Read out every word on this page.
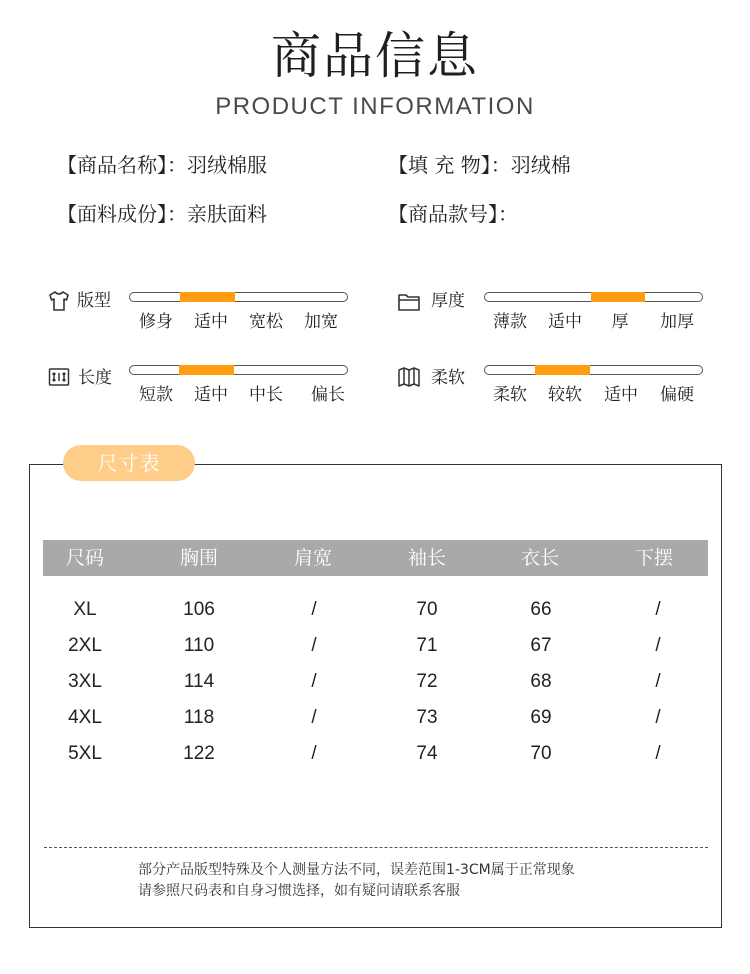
商品信息
PRODUCT INFORMATION
【商品名称】：羽绒棉服	【填 充 物】：羽绒棉
【面料成份】：亲肤面料	【商品款号】：
版型
修身 适中 宽松 加宽
厚度
薄款 适中 厚 加厚
长度
短款 适中 中长 偏长
柔软
柔软 较软 适中 偏硬
尺寸表
尺码	胸围	肩宽	袖长	衣长	下摆
XL	106	/	70	66	/
2XL	110	/	71	67	/
3XL	114	/	72	68	/
4XL	118	/	73	69	/
5XL	122	/	74	70	/
部分产品版型特殊及个人测量方法不同，误差范围1-3CM属于正常现象
请参照尺码表和自身习惯选择，如有疑问请联系客服
